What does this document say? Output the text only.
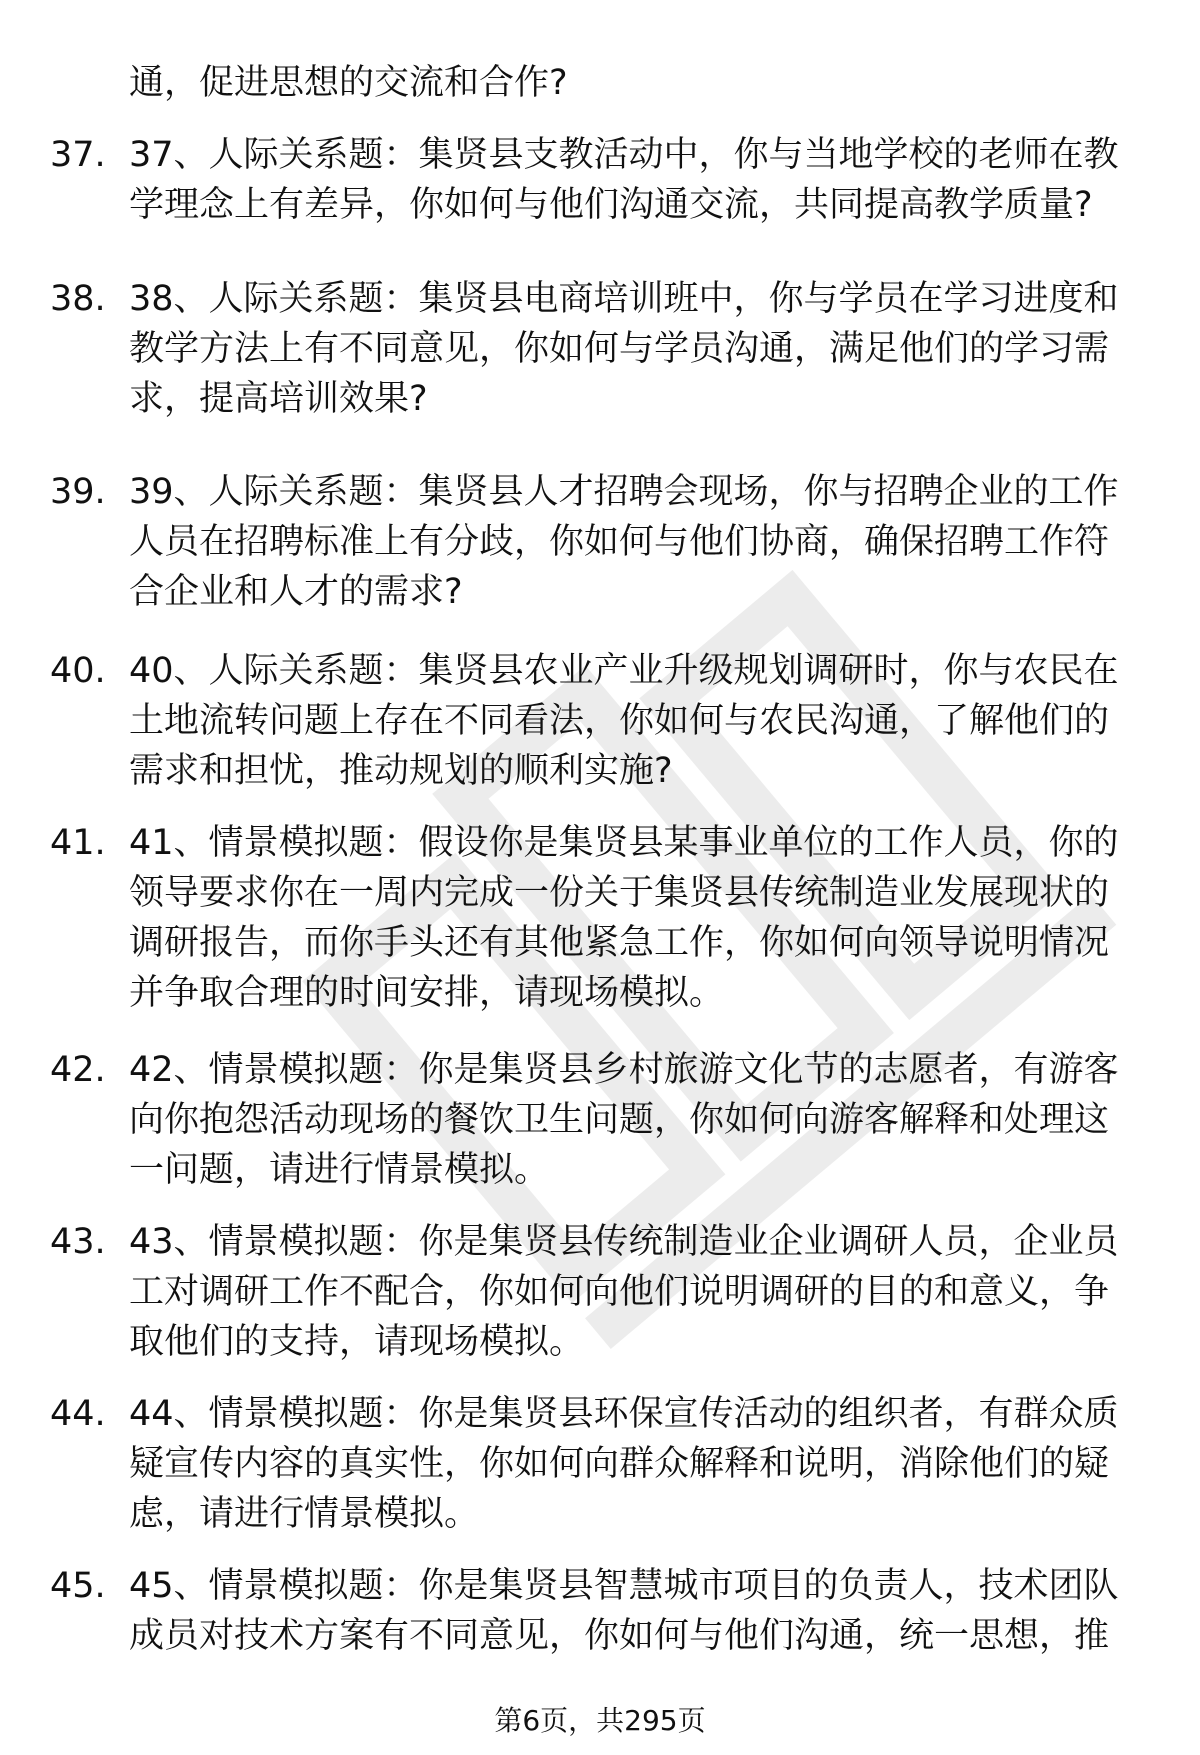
通，促进思想的交流和合作?
37. 37、人际关系题：集贤县支教活动中，你与当地学校的老师在教
学理念上有差异，你如何与他们沟通交流，共同提高教学质量?
38. 38、人际关系题：集贤县电商培训班中，你与学员在学习进度和
教学方法上有不同意见，你如何与学员沟通，满足他们的学习需
求，提高培训效果?
39. 39、人际关系题：集贤县人才招聘会现场，你与招聘企业的工作
人员在招聘标准上有分歧，你如何与他们协商，确保招聘工作符
合企业和人才的需求?
40. 40、人际关系题：集贤县农业产业升级规划调研时，你与农民在
土地流转问题上存在不同看法，你如何与农民沟通，了解他们的
需求和担忧，推动规划的顺利实施?
41. 41、情景模拟题：假设你是集贤县某事业单位的工作人员，你的
领导要求你在一周内完成一份关于集贤县传统制造业发展现状的
调研报告，而你手头还有其他紧急工作，你如何向领导说明情况
并争取合理的时间安排，请现场模拟。
42. 42、情景模拟题：你是集贤县乡村旅游文化节的志愿者，有游客
向你抱怨活动现场的餐饮卫生问题，你如何向游客解释和处理这
一问题，请进行情景模拟。
43. 43、情景模拟题：你是集贤县传统制造业企业调研人员，企业员
工对调研工作不配合，你如何向他们说明调研的目的和意义，争
取他们的支持，请现场模拟。
44. 44、情景模拟题：你是集贤县环保宣传活动的组织者，有群众质
疑宣传内容的真实性，你如何向群众解释和说明，消除他们的疑
虑，请进行情景模拟。
45. 45、情景模拟题：你是集贤县智慧城市项目的负责人，技术团队
成员对技术方案有不同意见，你如何与他们沟通，统一思想，推
第6页，共295页
